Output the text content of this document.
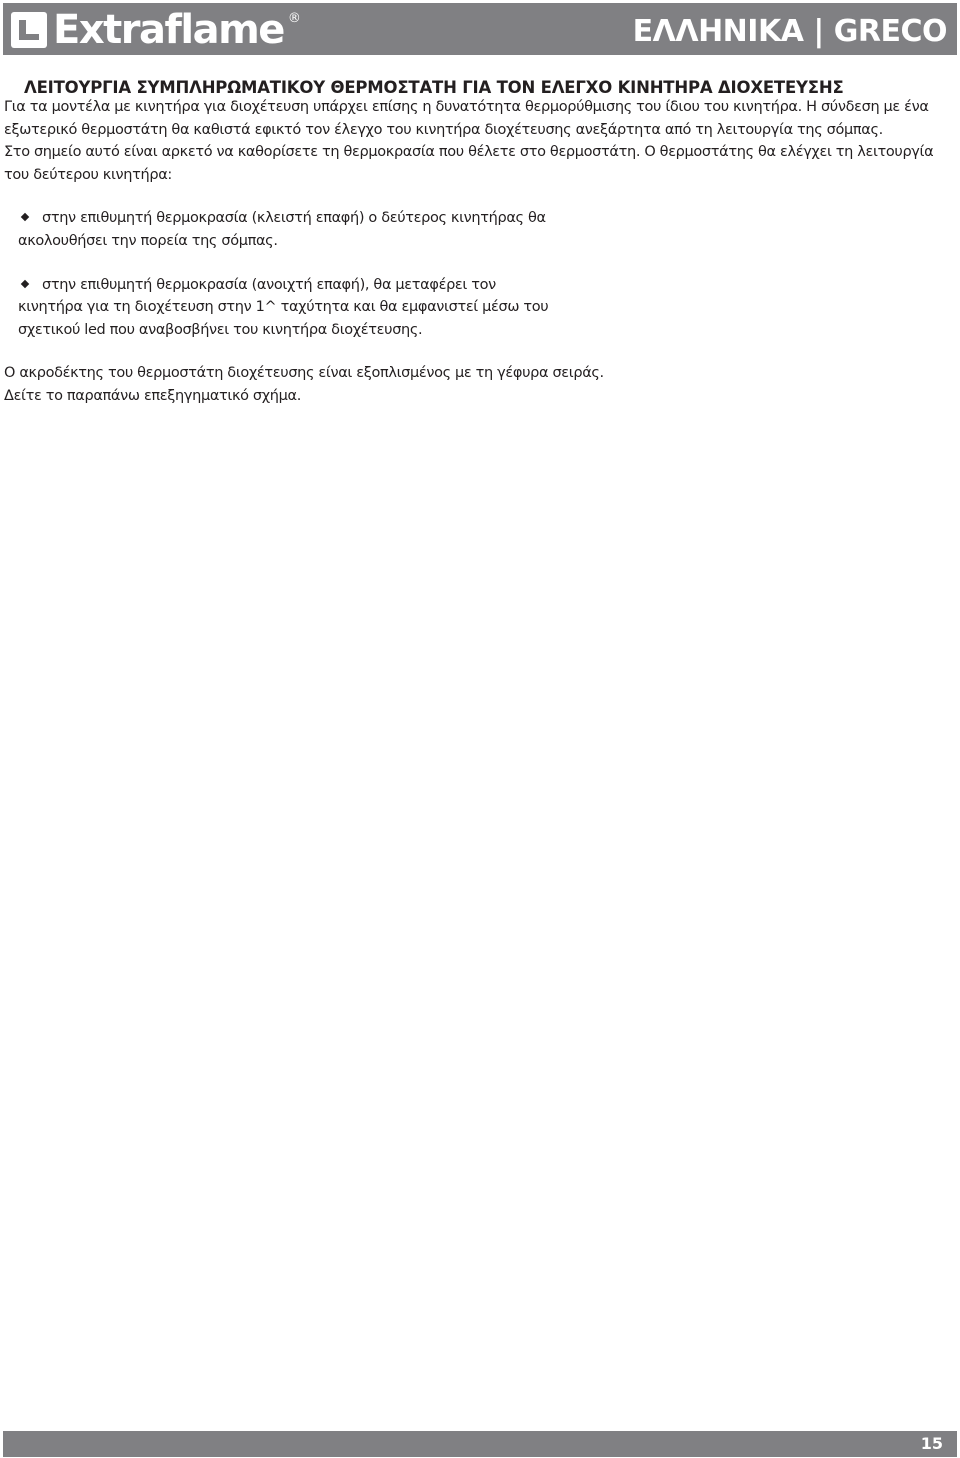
Extraflame ®	ΕΛΛΗΝΙΚΑ | GRECO
ΛΕΙΤΟΥΡΓΙΑ ΣΥΜΠΛΗΡΩΜΑΤΙΚΟΥ ΘΕΡΜΟΣΤΑΤΗ ΓΙΑ ΤΟΝ ΕΛΕΓΧΟ ΚΙΝΗΤΗΡΑ ΔΙΟΧΕΤΕΥΣΗΣ

Για τα μοντέλα με κινητήρα για διοχέτευση υπάρχει επίσης η δυνατότητα θερμορύθμισης του ίδιου του κινητήρα. Η σύνδεση με ένα εξωτερικό θερμοστάτη θα καθιστά εφικτό τον έλεγχο του κινητήρα διοχέτευσης ανεξάρτητα από τη λειτουργία της σόμπας.

Στο σημείο αυτό είναι αρκετό να καθορίσετε τη θερμοκρασία που θέλετε στο θερμοστάτη. Ο θερμοστάτης θα ελέγχει τη λειτουργία του δεύτερου κινητήρα:

στην επιθυμητή θερμοκρασία (κλειστή επαφή) ο δεύτερος κινητήρας θα ακολουθήσει την πορεία της σόμπας.
στην επιθυμητή θερμοκρασία (ανοιχτή επαφή), θα μεταφέρει τον κινητήρα για τη διοχέτευση στην 1^ ταχύτητα και θα εμφανιστεί μέσω του σχετικού led που αναβοσβήνει του κινητήρα διοχέτευσης.
Ο ακροδέκτης του θερμοστάτη διοχέτευσης είναι εξοπλισμένος με τη γέφυρα σειράς.
Δείτε το παραπάνω επεξηγηματικό σχήμα.
15
